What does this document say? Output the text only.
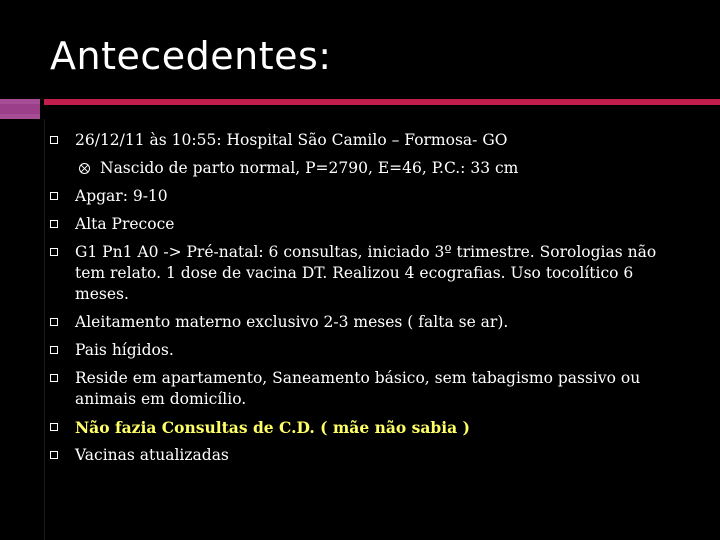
Antecedentes:
26/12/11 às 10:55: Hospital São Camilo – Formosa- GO
Nascido de parto normal, P=2790, E=46, P.C.: 33 cm
Apgar: 9-10
Alta Precoce
G1 Pn1 A0 -> Pré-natal: 6 consultas, iniciado 3º trimestre. Sorologias não tem relato. 1 dose de vacina DT. Realizou 4 ecografias. Uso tocolítico 6 meses.
Aleitamento materno exclusivo 2-3 meses ( falta se ar).
Pais hígidos.
Reside em apartamento, Saneamento básico, sem tabagismo passivo ou animais em domicílio.
Não fazia Consultas de C.D. ( mãe não sabia )
Vacinas atualizadas
